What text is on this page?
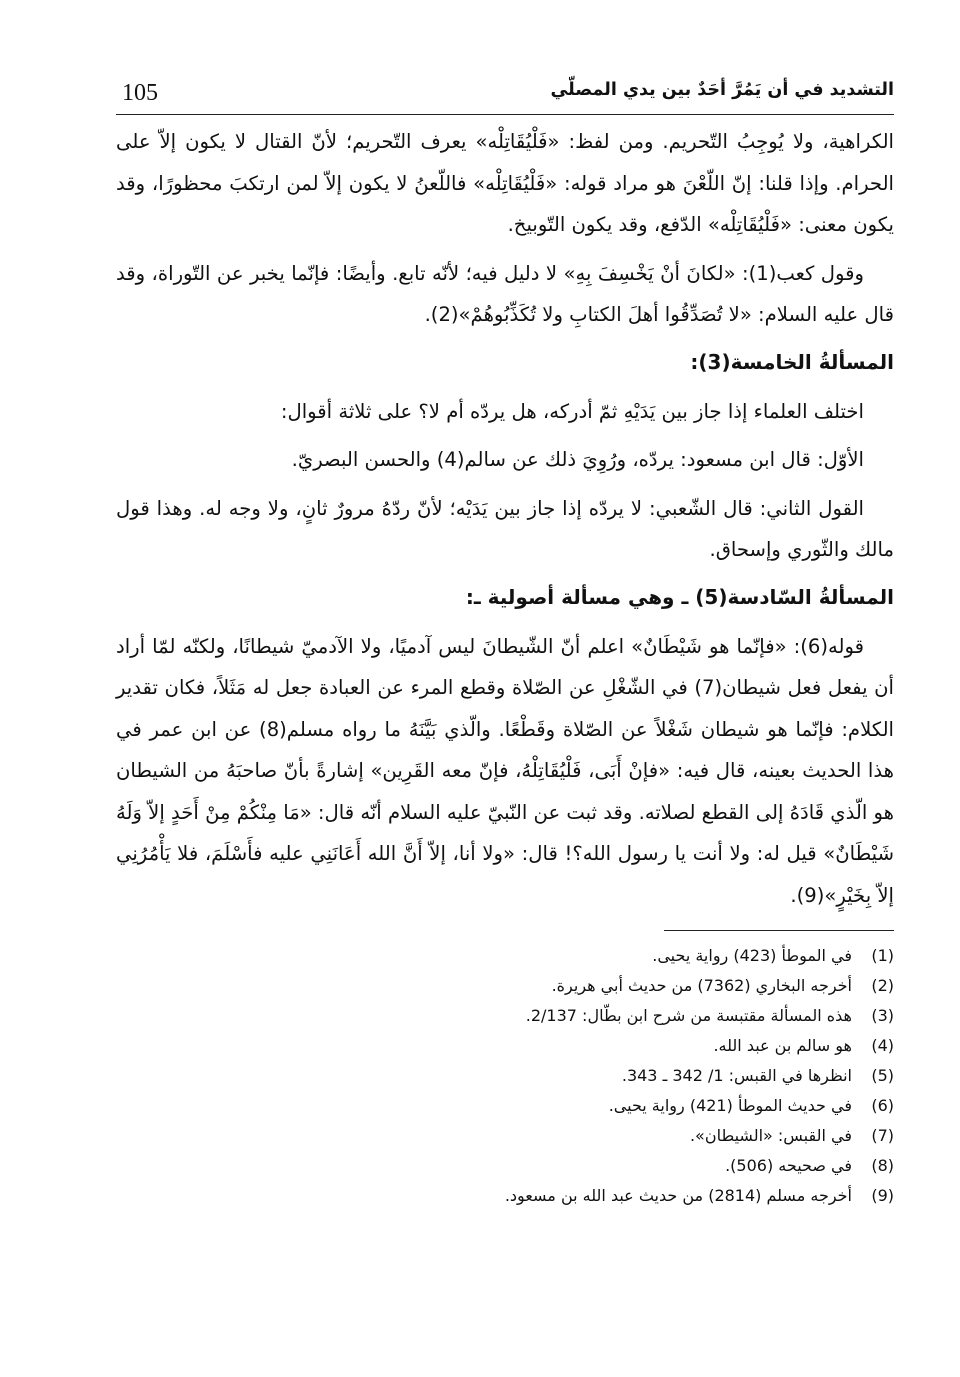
105	التشديد في أن يَمُرَّ أحَدٌ بين يدي المصلّي

الكراهية، ولا يُوجِبُ التّحريم. ومن لفظ: «فَلْيُقَاتِلْه» يعرف التّحريم؛ لأنّ القتال لا يكون إلاّ على الحرام. وإذا قلنا: إنّ اللّعْنَ هو مراد قوله: «فَلْيُقَاتِلْه» فاللّعنُ لا يكون إلاّ لمن ارتكبَ محظورًا، وقد يكون معنى: «فَلْيُقَاتِلْه» الدّفع، وقد يكون التّوبيخ.

وقول كعب(1): «لكانَ أنْ يَخْسِفَ بِهِ» لا دليل فيه؛ لأنّه تابع. وأيضًا: فإنّما يخبر عن التّوراة، وقد قال عليه السلام: «لا تُصَدِّقُوا أهلَ الكتابِ ولا تُكَذِّبُوهُمْ»(2).

المسألةُ الخامسة(3):

اختلف العلماء إذا جاز بين يَدَيْهِ ثمّ أدركه، هل يردّه أم لا؟ على ثلاثة أقوال:

الأوّل: قال ابن مسعود: يردّه، ورُوِيَ ذلك عن سالم(4) والحسن البصريّ.

القول الثاني: قال الشّعبي: لا يردّه إذا جاز بين يَدَيْه؛ لأنّ ردّهُ مرورٌ ثانٍ، ولا وجه له. وهذا قول مالك والثّوري وإسحاق.

المسألةُ السّادسة(5) ـ وهي مسألة أصولية ـ:

قوله(6): «فإنّما هو شَيْطَانٌ» اعلم أنّ الشّيطانَ ليس آدميًا، ولا الآدميّ شيطانًا، ولكنّه لمّا أراد أن يفعل فعل شيطان(7) في الشّغْلِ عن الصّلاة وقطع المرء عن العبادة جعل له مَثَلاً، فكان تقدير الكلام: فإنّما هو شيطان شَغْلاً عن الصّلاة وقَطْعًا. والّذي بَيَّنَهُ ما رواه مسلم(8) عن ابن عمر في هذا الحديث بعينه، قال فيه: «فإنْ أَبَى، فَلْيُقَاتِلْهُ، فإنّ معه القَرِين» إشارةً بأنّ صاحبَهُ من الشيطان هو الّذي قَادَهُ إلى القطع لصلاته. وقد ثبت عن النّبيّ عليه السلام أنّه قال: «مَا مِنْكُمْ مِنْ أَحَدٍ إلاّ وَلَهُ شَيْطَانٌ» قيل له: ولا أنت يا رسول الله؟! قال: «ولا أنا، إلاّ أَنَّ الله أَعَانَنِي عليه فأَسْلَمَ، فلا يَأْمُرُنِي إلاّ بِخَيْرٍ»(9).

(1)في الموطأ (423) رواية يحيى.
(2)أخرجه البخاري (7362) من حديث أبي هريرة.
(3)هذه المسألة مقتبسة من شرح ابن بطّال: 2/137.
(4)هو سالم بن عبد الله.
(5)انظرها في القبس: 1/ 342 ـ 343.
(6)في حديث الموطأ (421) رواية يحيى.
(7)في القبس: «الشيطان».
(8)في صحيحه (506).
(9)أخرجه مسلم (2814) من حديث عبد الله بن مسعود.
